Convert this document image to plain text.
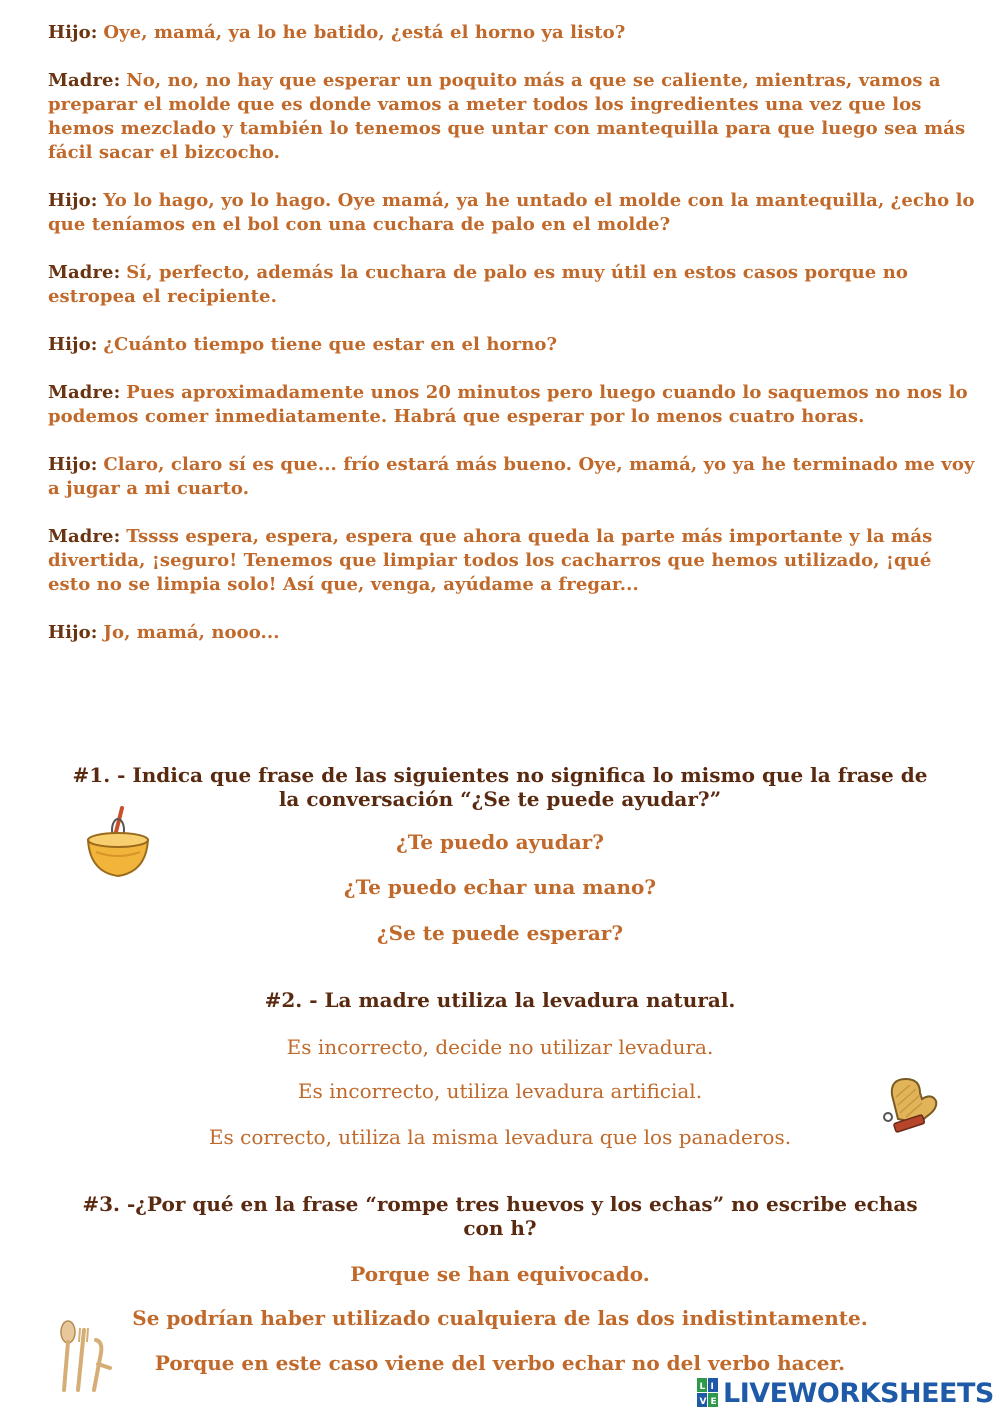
Hijo: Oye, mamá, ya lo he batido, ¿está el horno ya listo?

Madre: No, no, no hay que esperar un poquito más a que se caliente, mientras, vamos a preparar el molde que es donde vamos a meter todos los ingredientes una vez que los hemos mezclado y también lo tenemos que untar con mantequilla para que luego sea más fácil sacar el bizcocho.

Hijo: Yo lo hago, yo lo hago. Oye mamá, ya he untado el molde con la mantequilla, ¿echo lo que teníamos en el bol con una cuchara de palo en el molde?

Madre: Sí, perfecto, además la cuchara de palo es muy útil en estos casos porque no estropea el recipiente.

Hijo: ¿Cuánto tiempo tiene que estar en el horno?

Madre: Pues aproximadamente unos 20 minutos pero luego cuando lo saquemos no nos lo podemos comer inmediatamente. Habrá que esperar por lo menos cuatro horas.

Hijo: Claro, claro sí es que... frío estará más bueno. Oye, mamá, yo ya he terminado me voy a jugar a mi cuarto.

Madre: Tssss espera, espera, espera que ahora queda la parte más importante y la más divertida, ¡seguro! Tenemos que limpiar todos los cacharros que hemos utilizado, ¡qué esto no se limpia solo! Así que, venga, ayúdame a fregar...

Hijo: Jo, mamá, nooo...

#1. - Indica que frase de las siguientes no significa lo mismo que la frase de la conversación “¿Se te puede ayudar?”
¿Te puedo ayudar?
¿Te puedo echar una mano?
¿Se te puede esperar?
#2. - La madre utiliza la levadura natural.
Es incorrecto, decide no utilizar levadura.
Es incorrecto, utiliza levadura artificial.
Es correcto, utiliza la misma levadura que los panaderos.
#3. -¿Por qué en la frase “rompe tres huevos y los echas” no escribe echas con h?
Porque se han equivocado.
Se podrían haber utilizado cualquiera de las dos indistintamente.
Porque en este caso viene del verbo echar no del verbo hacer.
L I
V E LIVEWORKSHEETS
